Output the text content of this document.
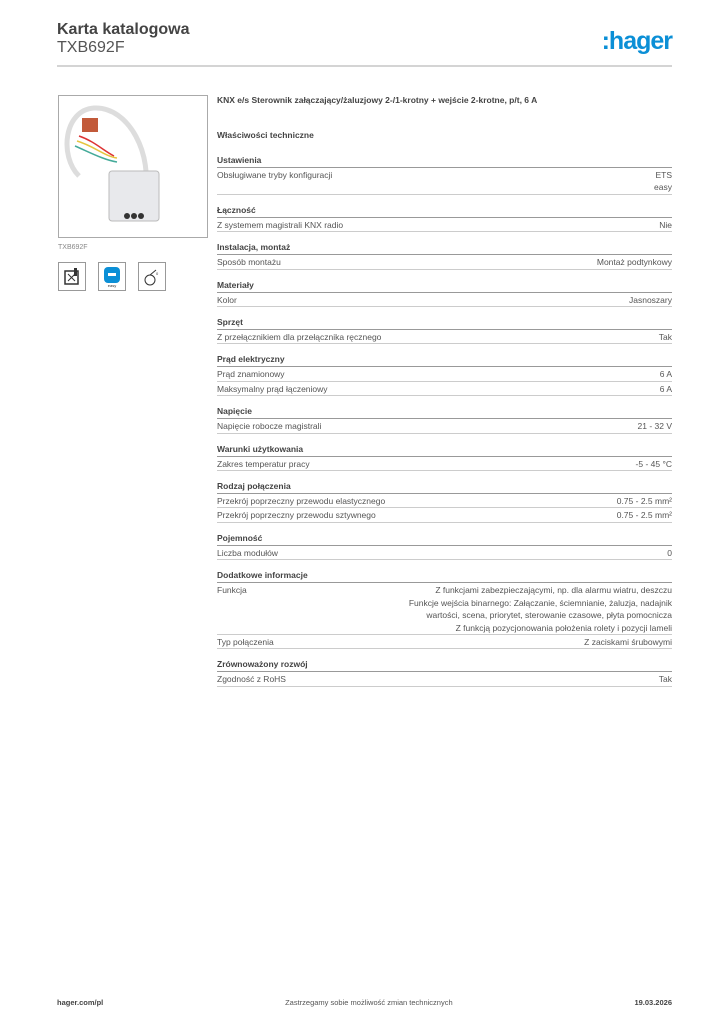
Karta katalogowa
TXB692F	:hager
TXB692F
easy
0
KNX e/s Sterownik załączający/żaluzjowy 2-/1-krotny + wejście 2-krotne, p/t, 6 A
Właściwości techniczne
Ustawienia
Obsługiwane tryby konfiguracji	ETS
easy
Łączność
Z systemem magistrali KNX radio	Nie
Instalacja, montaż
Sposób montażu	Montaż podtynkowy
Materiały
Kolor	Jasnoszary
Sprzęt
Z przełącznikiem dla przełącznika ręcznego	Tak
Prąd elektryczny
Prąd znamionowy	6 A
Maksymalny prąd łączeniowy	6 A
Napięcie
Napięcie robocze magistrali	21 - 32 V
Warunki użytkowania
Zakres temperatur pracy	-5 - 45 °C
Rodzaj połączenia
Przekrój poprzeczny przewodu elastycznego	0.75 - 2.5 mm²
Przekrój poprzeczny przewodu sztywnego	0.75 - 2.5 mm²
Pojemność
Liczba modułów	0
Dodatkowe informacje
Funkcja	Z funkcjami zabezpieczającymi, np. dla alarmu wiatru, deszczu
Funkcje wejścia binarnego: Załączanie, ściemnianie, żaluzja, nadajnik wartości, scena, priorytet, sterowanie czasowe, płyta pomocnicza
Z funkcją pozycjonowania położenia rolety i pozycji lameli
Typ połączenia	Z zaciskami śrubowymi
Zrównoważony rozwój
Zgodność z RoHS	Tak
hager.com/pl	Zastrzegamy sobie możliwość zmian technicznych	19.03.2026
